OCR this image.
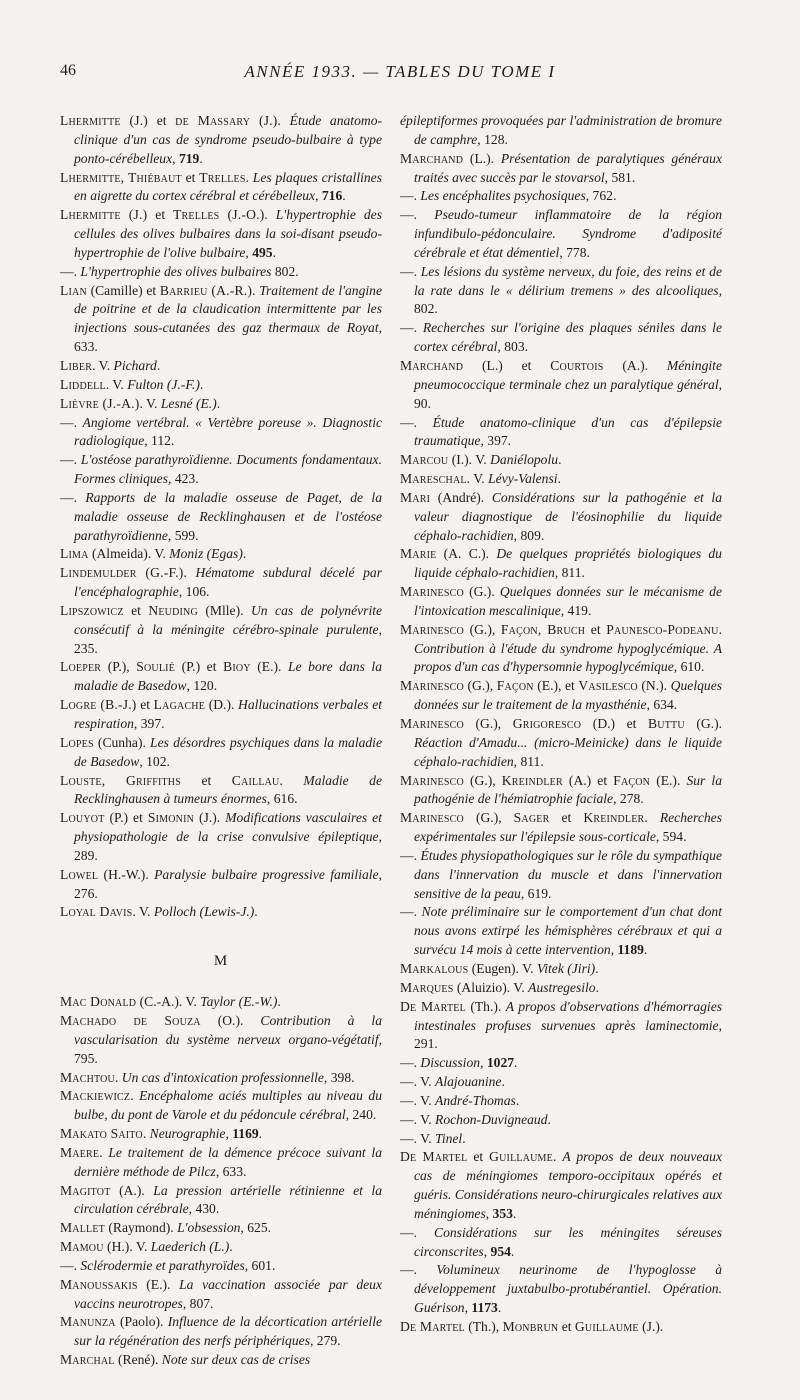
46	ANNÉE 1933. — TABLES DU TOME I

Lhermitte (J.) et de Massary (J.). Étude anatomo-clinique d'un cas de syndrome pseudo-bulbaire à type ponto-cérébelleux, 719.

Lhermitte, Thiébaut et Trelles. Les plaques cristallines en aigrette du cortex cérébral et cérébelleux, 716.

Lhermitte (J.) et Trelles (J.-O.). L'hypertrophie des cellules des olives bulbaires dans la soi-disant pseudo-hypertrophie de l'olive bulbaire, 495.

—. L'hypertrophie des olives bulbaires 802.

Lian (Camille) et Barrieu (A.-R.). Traitement de l'angine de poitrine et de la claudication intermittente par les injections sous-cutanées des gaz thermaux de Royat, 633.

Liber. V. Pichard.

Liddell. V. Fulton (J.-F.).

Lièvre (J.-A.). V. Lesné (E.).

—. Angiome vertébral. « Vertèbre poreuse ». Diagnostic radiologique, 112.

—. L'ostéose parathyroïdienne. Documents fondamentaux. Formes cliniques, 423.

—. Rapports de la maladie osseuse de Paget, de la maladie osseuse de Recklinghausen et de l'ostéose parathyroïdienne, 599.

Lima (Almeida). V. Moniz (Egas).

Lindemulder (G.-F.). Hématome subdural décelé par l'encéphalographie, 106.

Lipszowicz et Neuding (Mlle). Un cas de polynévrite consécutif à la méningite cérébro-spinale purulente, 235.

Loeper (P.), Soulié (P.) et Bioy (E.). Le bore dans la maladie de Basedow, 120.

Logre (B.-J.) et Lagache (D.). Hallucinations verbales et respiration, 397.

Lopes (Cunha). Les désordres psychiques dans la maladie de Basedow, 102.

Louste, Griffiths et Caillau. Maladie de Recklinghausen à tumeurs énormes, 616.

Louyot (P.) et Simonin (J.). Modifications vasculaires et physiopathologie de la crise convulsive épileptique, 289.

Lowel (H.-W.). Paralysie bulbaire progressive familiale, 276.

Loyal Davis. V. Polloch (Lewis-J.).

M

Mac Donald (C.-A.). V. Taylor (E.-W.).

Machado de Souza (O.). Contribution à la vascularisation du système nerveux organo-végétatif, 795.

Machtou. Un cas d'intoxication professionnelle, 398.

Mackiewicz. Encéphalome aciés multiples au niveau du bulbe, du pont de Varole et du pédoncule cérébral, 240.

Makato Saito. Neurographie, 1169.

Maere. Le traitement de la démence précoce suivant la dernière méthode de Pilcz, 633.

Magitot (A.). La pression artérielle rétinienne et la circulation cérébrale, 430.

Mallet (Raymond). L'obsession, 625.

Mamou (H.). V. Laederich (L.).

—. Sclérodermie et parathyroïdes, 601.

Manoussakis (E.). La vaccination associée par deux vaccins neurotropes, 807.

Manunza (Paolo). Influence de la décortication artérielle sur la régénération des nerfs périphériques, 279.

Marchal (René). Note sur deux cas de crises

épileptiformes provoquées par l'administration de bromure de camphre, 128.

Marchand (L.). Présentation de paralytiques généraux traités avec succès par le stovarsol, 581.

—. Les encéphalites psychosiques, 762.

—. Pseudo-tumeur inflammatoire de la région infundibulo-pédonculaire. Syndrome d'adiposité cérébrale et état démentiel, 778.

—. Les lésions du système nerveux, du foie, des reins et de la rate dans le « délirium tremens » des alcooliques, 802.

—. Recherches sur l'origine des plaques séniles dans le cortex cérébral, 803.

Marchand (L.) et Courtois (A.). Méningite pneumococcique terminale chez un paralytique général, 90.

—. Étude anatomo-clinique d'un cas d'épilepsie traumatique, 397.

Marcou (I.). V. Daniélopolu.

Mareschal. V. Lévy-Valensi.

Mari (André). Considérations sur la pathogénie et la valeur diagnostique de l'éosinophilie du liquide céphalo-rachidien, 809.

Marie (A. C.). De quelques propriétés biologiques du liquide céphalo-rachidien, 811.

Marinesco (G.). Quelques données sur le mécanisme de l'intoxication mescalinique, 419.

Marinesco (G.), Façon, Bruch et Paunesco-Podeanu. Contribution à l'étude du syndrome hypoglycémique. A propos d'un cas d'hypersomnie hypoglycémique, 610.

Marinesco (G.), Façon (E.), et Vasilesco (N.). Quelques données sur le traitement de la myasthénie, 634.

Marinesco (G.), Grigoresco (D.) et Buttu (G.). Réaction d'Amadu... (micro-Meinicke) dans le liquide céphalo-rachidien, 811.

Marinesco (G.), Kreindler (A.) et Façon (E.). Sur la pathogénie de l'hémiatrophie faciale, 278.

Marinesco (G.), Sager et Kreindler. Recherches expérimentales sur l'épilepsie sous-corticale, 594.

—. Études physiopathologiques sur le rôle du sympathique dans l'innervation du muscle et dans l'innervation sensitive de la peau, 619.

—. Note préliminaire sur le comportement d'un chat dont nous avons extirpé les hémisphères cérébraux et qui a survécu 14 mois à cette intervention, 1189.

Markalous (Eugen). V. Vitek (Jiri).

Marques (Aluizio). V. Austregesilo.

De Martel (Th.). A propos d'observations d'hémorragies intestinales profuses survenues après laminectomie, 291.

—. Discussion, 1027.

—. V. Alajouanine.

—. V. André-Thomas.

—. V. Rochon-Duvigneaud.

—. V. Tinel.

De Martel et Guillaume. A propos de deux nouveaux cas de méningiomes temporo-occipitaux opérés et guéris. Considérations neuro-chirurgicales relatives aux méningiomes, 353.

—. Considérations sur les méningites séreuses circonscrites, 954.

—. Volumineux neurinome de l'hypoglosse à développement juxtabulbo-protubérantiel. Opération. Guérison, 1173.

De Martel (Th.), Monbrun et Guillaume (J.).
